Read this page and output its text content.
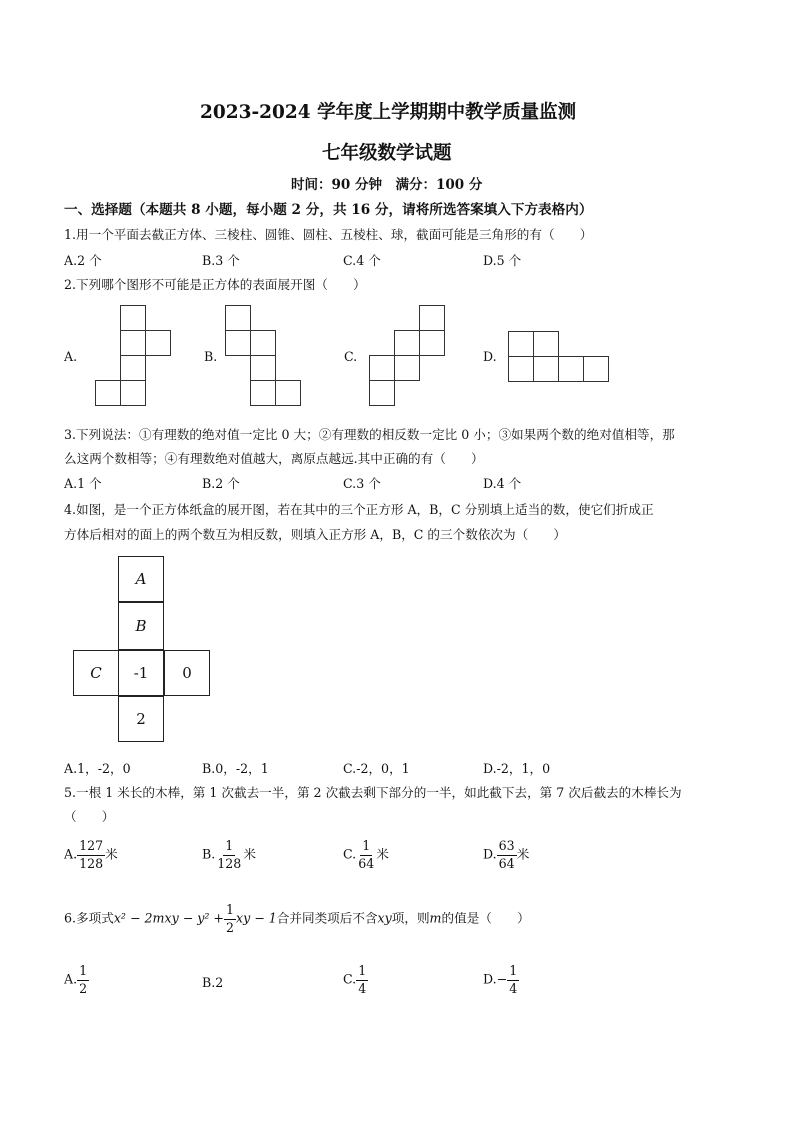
2023-2024 学年度上学期期中教学质量监测
七年级数学试题
时间：90 分钟　满分：100 分
一、选择题（本题共 8 小题，每小题 2 分，共 16 分，请将所选答案填入下方表格内）
1.用一个平面去截正方体、三棱柱、圆锥、圆柱、五棱柱、球，截面可能是三角形的有（　　）
A.2 个	B.3 个	C.4 个	D.5 个
2.下列哪个图形不可能是正方体的表面展开图（　　）
A.	B.	C.	D.
3.下列说法：①有理数的绝对值一定比 0 大；②有理数的相反数一定比 0 小；③如果两个数的绝对值相等，那
么这两个数相等；④有理数绝对值越大，离原点越远.其中正确的有（　　）
A.1 个	B.2 个	C.3 个	D.4 个
4.如图，是一个正方体纸盒的展开图，若在其中的三个正方形 A，B，C 分别填上适当的数，使它们折成正
方体后相对的面上的两个数互为相反数，则填入正方形 A，B，C 的三个数依次为（　　）
A
B
C	-1	0
2
A.1，-2，0	B.0，-2，1	C.-2，0，1	D.-2，1，0
5.一根 1 米长的木棒，第 1 次截去一半，第 2 次截去剩下部分的一半，如此截下去，第 7 次后截去的木棒长为
（　　）
A. $\frac{127}{128}$ 米	B. $\frac{1}{128}$ 米	C. $\frac{1}{64}$ 米	D. $\frac{63}{64}$ 米
6.多项式$x^2 - 2mxy - y^2 + \frac{1}{2}$ xy − 1合并同类项后不含xy项，则m的值是（　　）
A. $\frac{1}{2}$	B.2	C. $\frac{1}{4}$	$D.- \frac{1}{4}$
